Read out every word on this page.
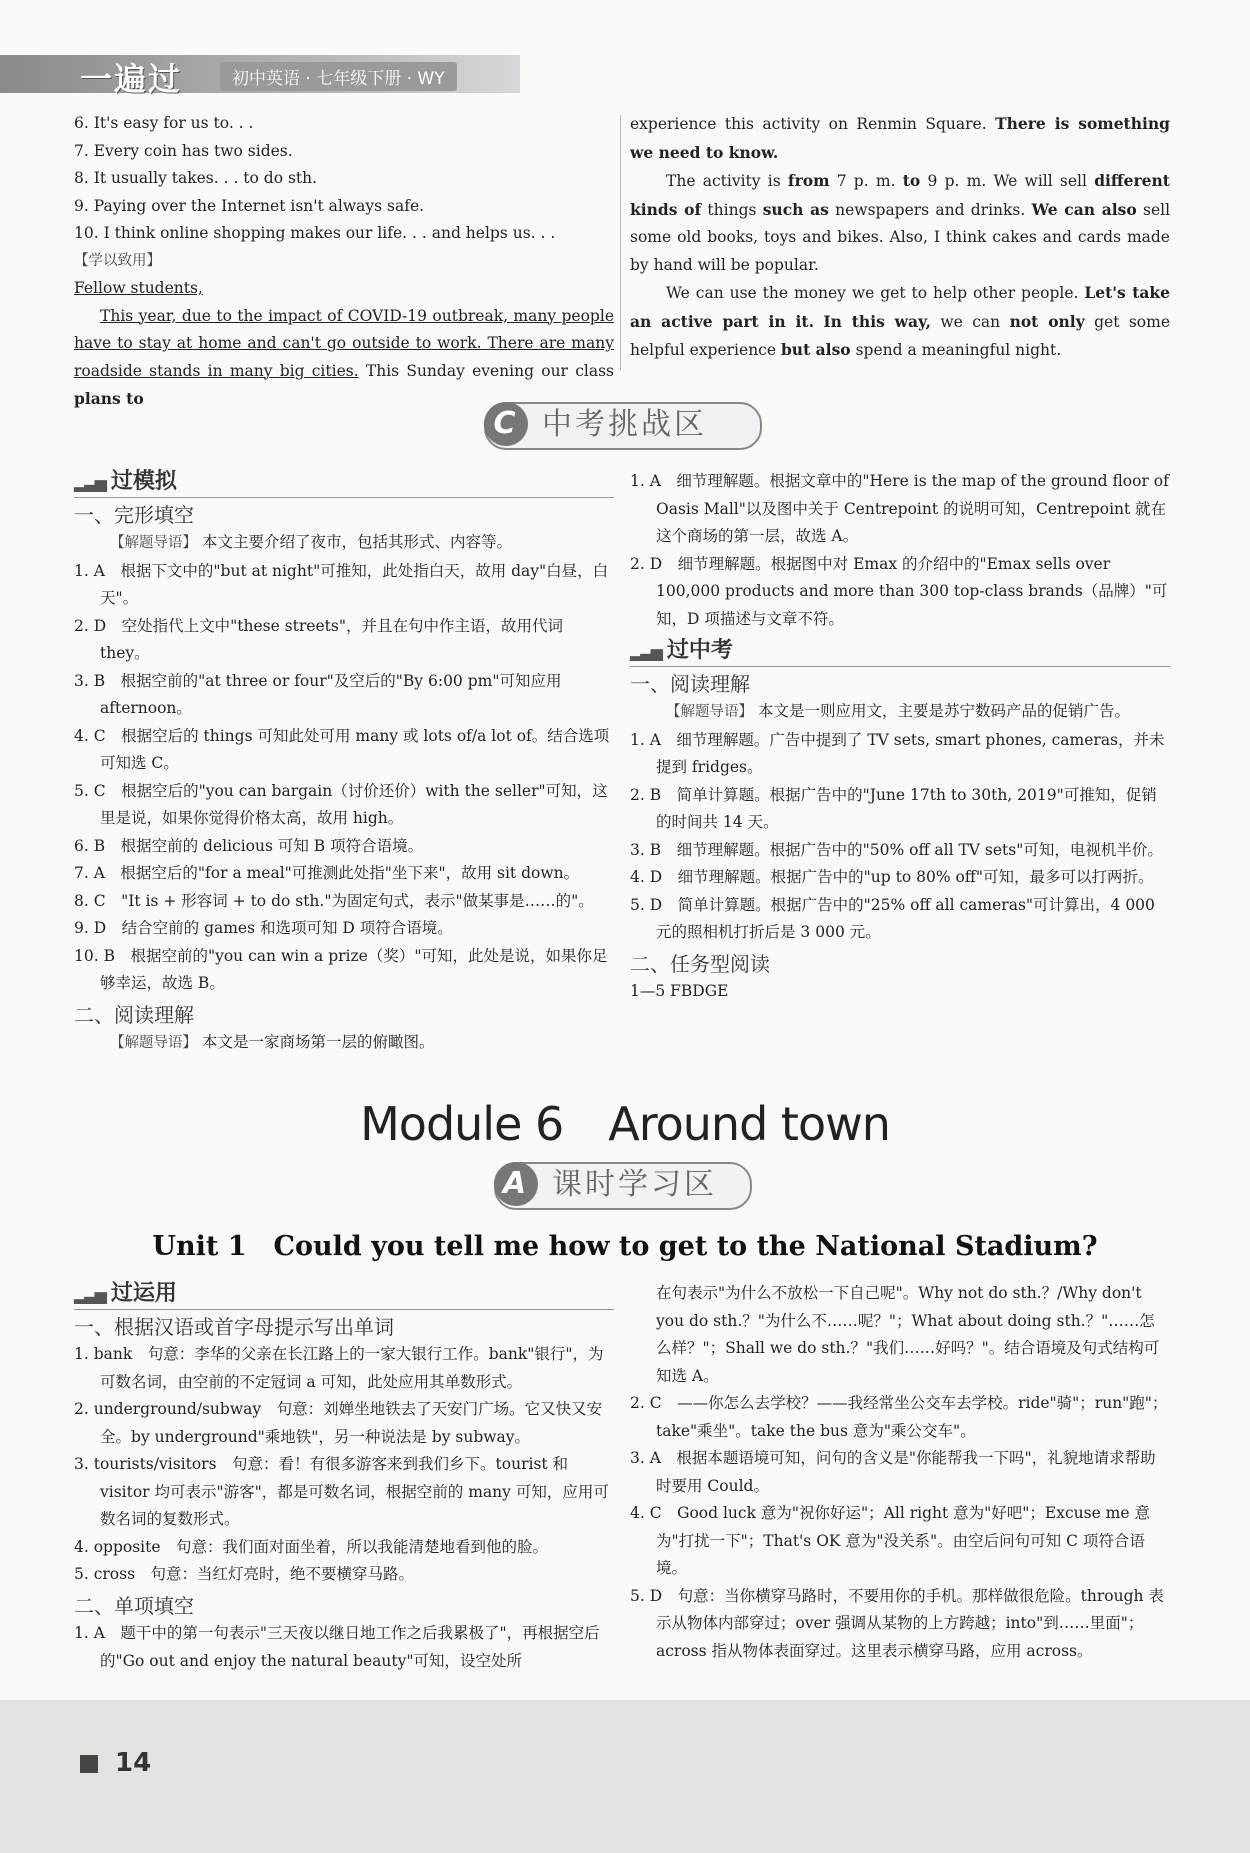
一遍过	初中英语 · 七年级下册 · WY
6. It's easy for us to. . .
7. Every coin has two sides.
8. It usually takes. . . to do sth.
9. Paying over the Internet isn't always safe.
10. I think online shopping makes our life. . . and helps us. . .
【学以致用】
Fellow students,
This year, due to the impact of COVID-19 outbreak, many people have to stay at home and can't go outside to work. There are many roadside stands in many big cities. This Sunday evening our class plans to
experience this activity on Renmin Square. There is something we need to know.
The activity is from 7 p. m. to 9 p. m. We will sell different kinds of things such as newspapers and drinks. We can also sell some old books, toys and bikes. Also, I think cakes and cards made by hand will be popular.
We can use the money we get to help other people. Let's take an active part in it. In this way, we can not only get some helpful experience but also spend a meaningful night.
C 中考挑战区
▂▃▅ 过模拟
一、完形填空
【解题导语】 本文主要介绍了夜市，包括其形式、内容等。
1. A　根据下文中的"but at night"可推知，此处指白天，故用 day"白昼，白天"。
2. D　空处指代上文中"these streets"，并且在句中作主语，故用代词 they。
3. B　根据空前的"at three or four"及空后的"By 6:00 pm"可知应用 afternoon。
4. C　根据空后的 things 可知此处可用 many 或 lots of/a lot of。结合选项可知选 C。
5. C　根据空后的"you can bargain（讨价还价）with the seller"可知，这里是说，如果你觉得价格太高，故用 high。
6. B　根据空前的 delicious 可知 B 项符合语境。
7. A　根据空后的"for a meal"可推测此处指"坐下来"，故用 sit down。
8. C　"It is + 形容词 + to do sth."为固定句式，表示"做某事是……的"。
9. D　结合空前的 games 和选项可知 D 项符合语境。
10. B　根据空前的"you can win a prize（奖）"可知，此处是说，如果你足够幸运，故选 B。
二、阅读理解
【解题导语】 本文是一家商场第一层的俯瞰图。
1. A　细节理解题。根据文章中的"Here is the map of the ground floor of Oasis Mall"以及图中关于 Centrepoint 的说明可知，Centrepoint 就在这个商场的第一层，故选 A。
2. D　细节理解题。根据图中对 Emax 的介绍中的"Emax sells over 100,000 products and more than 300 top-class brands（品牌）"可知，D 项描述与文章不符。
▂▃▅ 过中考
一、阅读理解
【解题导语】 本文是一则应用文，主要是苏宁数码产品的促销广告。
1. A　细节理解题。广告中提到了 TV sets, smart phones, cameras，并未提到 fridges。
2. B　简单计算题。根据广告中的"June 17th to 30th, 2019"可推知，促销的时间共 14 天。
3. B　细节理解题。根据广告中的"50% off all TV sets"可知，电视机半价。
4. D　细节理解题。根据广告中的"up to 80% off"可知，最多可以打两折。
5. D　简单计算题。根据广告中的"25% off all cameras"可计算出，4 000元的照相机打折后是 3 000 元。
二、任务型阅读
1—5 FBDGE
Module 6　Around town
A 课时学习区
Unit 1　Could you tell me how to get to the National Stadium?
▂▃▅ 过运用
一、根据汉语或首字母提示写出单词
1. bank　句意：李华的父亲在长江路上的一家大银行工作。bank"银行"，为可数名词，由空前的不定冠词 a 可知，此处应用其单数形式。
2. underground/subway　句意：刘婵坐地铁去了天安门广场。它又快又安全。by underground"乘地铁"，另一种说法是 by subway。
3. tourists/visitors　句意：看！有很多游客来到我们乡下。tourist 和 visitor 均可表示"游客"，都是可数名词，根据空前的 many 可知，应用可数名词的复数形式。
4. opposite　句意：我们面对面坐着，所以我能清楚地看到他的脸。
5. cross　句意：当红灯亮时，绝不要横穿马路。
二、单项填空
1. A　题干中的第一句表示"三天夜以继日地工作之后我累极了"，再根据空后的"Go out and enjoy the natural beauty"可知，设空处所
在句表示"为什么不放松一下自己呢"。Why not do sth.？/Why don't you do sth.？"为什么不……呢？"；What about doing sth.？"……怎么样？"；Shall we do sth.？"我们……好吗？"。结合语境及句式结构可知选 A。
2. C　——你怎么去学校？——我经常坐公交车去学校。ride"骑"；run"跑"；take"乘坐"。take the bus 意为"乘公交车"。
3. A　根据本题语境可知，问句的含义是"你能帮我一下吗"，礼貌地请求帮助时要用 Could。
4. C　Good luck 意为"祝你好运"；All right 意为"好吧"；Excuse me 意为"打扰一下"；That's OK 意为"没关系"。由空后问句可知 C 项符合语境。
5. D　句意：当你横穿马路时，不要用你的手机。那样做很危险。through 表示从物体内部穿过；over 强调从某物的上方跨越；into"到……里面"；across 指从物体表面穿过。这里表示横穿马路，应用 across。
14
